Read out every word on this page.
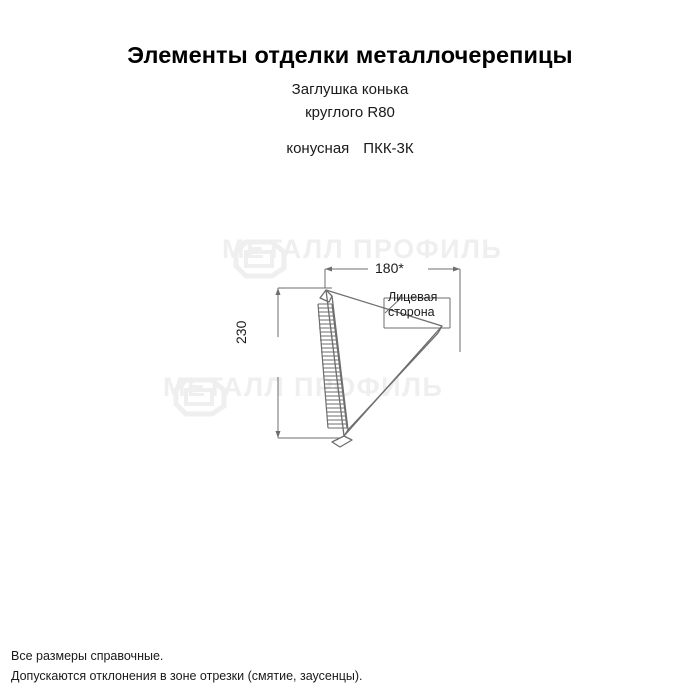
МЕТАЛЛ ПРОФИЛЬ
МЕТАЛЛ ПРОФИЛЬ
Элементы отделки металлочерепицы
Заглушка конька
круглого R80
конусная ПКК-3К
180*
230
Лицевая
сторона
Все размеры справочные.
Допускаются отклонения в зоне отрезки (смятие, заусенцы).
